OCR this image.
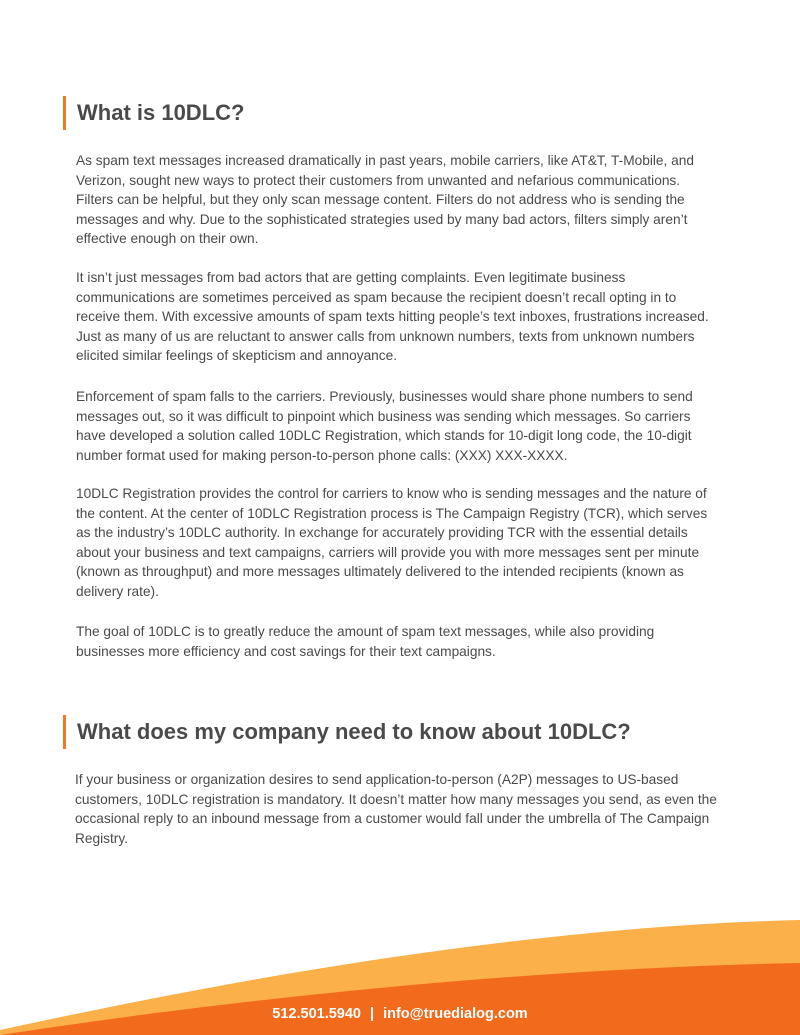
What is 10DLC?

As spam text messages increased dramatically in past years, mobile carriers, like AT&T, T-Mobile, and Verizon, sought new ways to protect their customers from unwanted and nefarious communications. Filters can be helpful, but they only scan message content. Filters do not address who is sending the messages and why. Due to the sophisticated strategies used by many bad actors, filters simply aren’t effective enough on their own.

It isn’t just messages from bad actors that are getting complaints. Even legitimate business communications are sometimes perceived as spam because the recipient doesn’t recall opting in to receive them. With excessive amounts of spam texts hitting people’s text inboxes, frustrations increased. Just as many of us are reluctant to answer calls from unknown numbers, texts from unknown numbers elicited similar feelings of skepticism and annoyance.

Enforcement of spam falls to the carriers. Previously, businesses would share phone numbers to send messages out, so it was difficult to pinpoint which business was sending which messages. So carriers have developed a solution called 10DLC Registration, which stands for 10-digit long code, the 10-digit number format used for making person-to-person phone calls: (XXX) XXX-XXXX.

10DLC Registration provides the control for carriers to know who is sending messages and the nature of the content. At the center of 10DLC Registration process is The Campaign Registry (TCR), which serves as the industry’s 10DLC authority. In exchange for accurately providing TCR with the essential details about your business and text campaigns, carriers will provide you with more messages sent per minute (known as throughput) and more messages ultimately delivered to the intended recipients (known as delivery rate).

The goal of 10DLC is to greatly reduce the amount of spam text messages, while also providing businesses more efficiency and cost savings for their text campaigns.

What does my company need to know about 10DLC?

If your business or organization desires to send application-to-person (A2P) messages to US-based customers, 10DLC registration is mandatory. It doesn’t matter how many messages you send, as even the occasional reply to an inbound message from a customer would fall under the umbrella of The Campaign Registry.

512.501.5940 | info@truedialog.com
